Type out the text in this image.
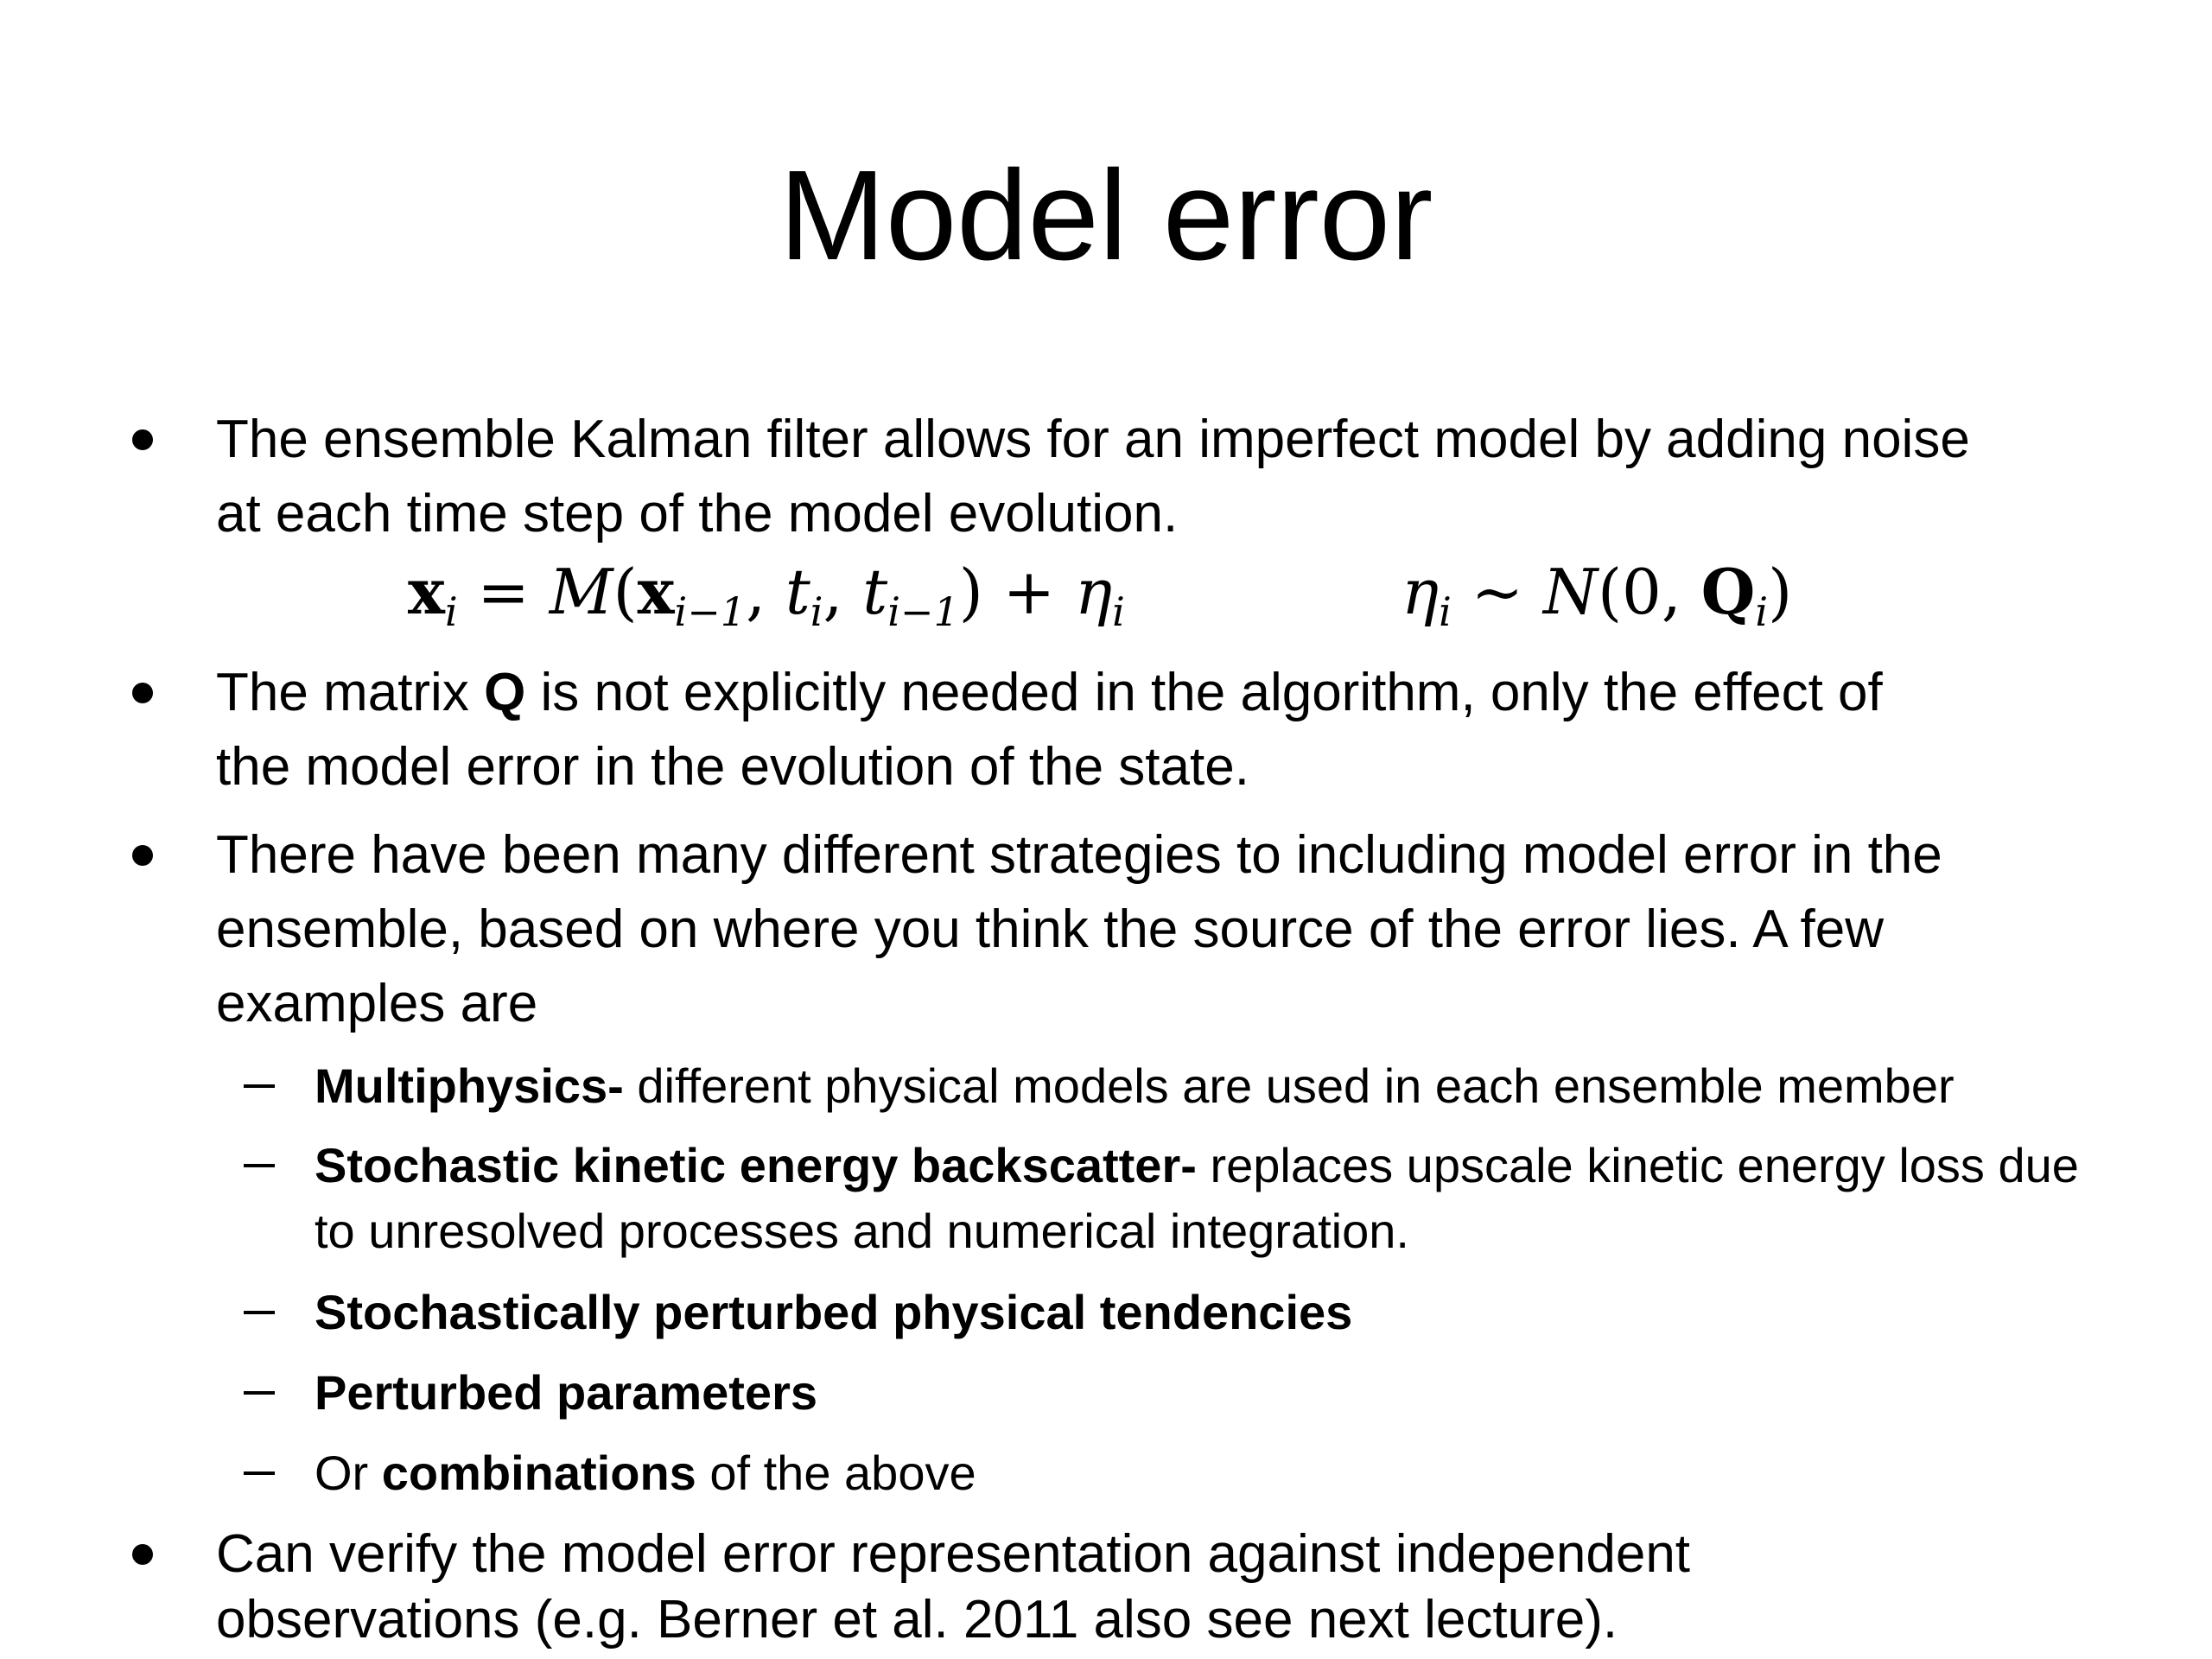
Model error
The ensemble Kalman filter allows for an imperfect model by adding noise
at each time step of the model evolution.
$x_i = M(x_{i-1}$, $t_i$, $t_{i-1}) + \eta_i$	$\eta_i$ ~ N(0, $Q_i$)
The matrix Q is not explicitly needed in the algorithm, only the effect of
the model error in the evolution of the state.
There have been many different strategies to including model error in the
ensemble, based on where you think the source of the error lies. A few
examples are
Multiphysics- different physical models are used in each ensemble member
Stochastic kinetic energy backscatter- replaces upscale kinetic energy loss due
to unresolved processes and numerical integration.
Stochastically perturbed physical tendencies
Perturbed parameters
Or combinations of the above
Can verify the model error representation against independent
observations (e.g. Berner et al. 2011 also see next lecture).
